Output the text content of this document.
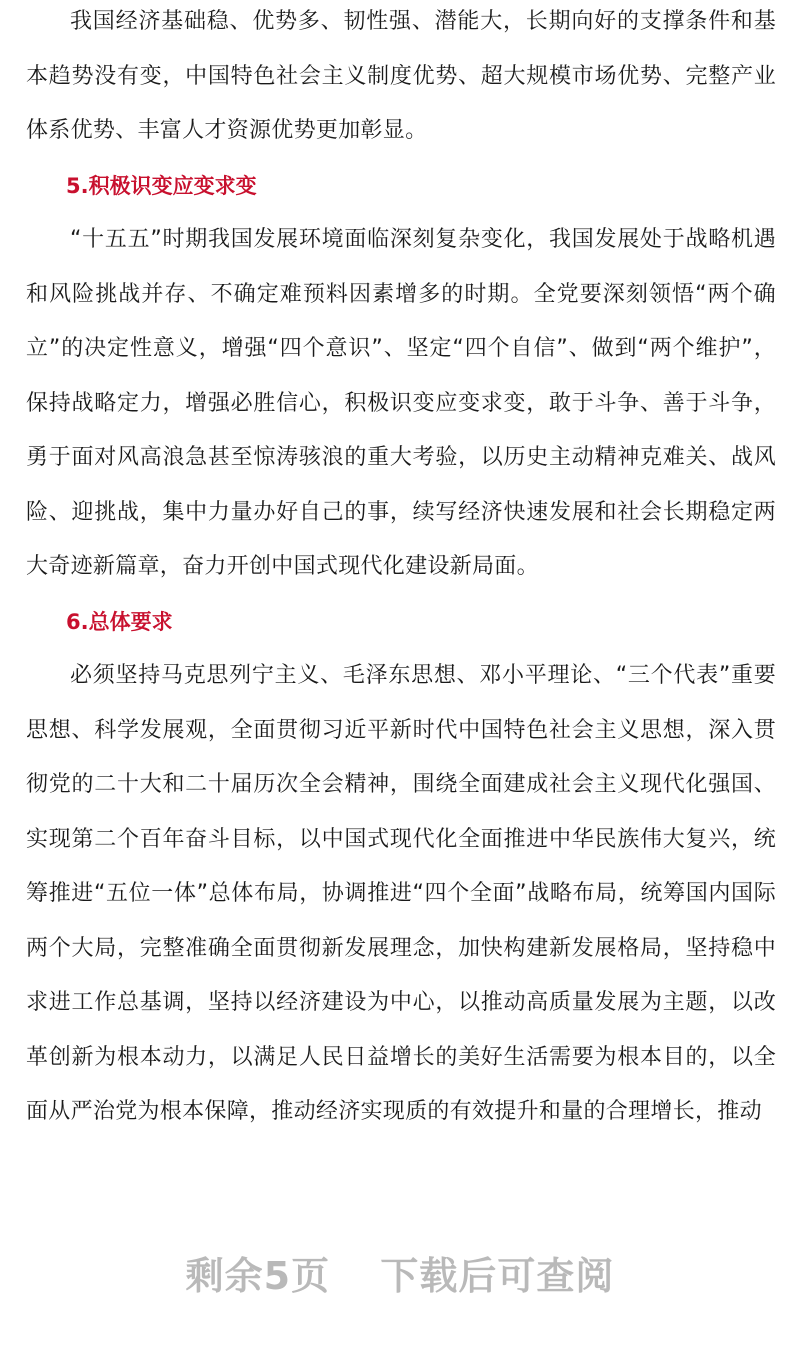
我国经济基础稳、优势多、韧性强、潜能大，长期向好的支撑条件和基本趋势没有变，中国特色社会主义制度优势、超大规模市场优势、完整产业体系优势、丰富人才资源优势更加彰显。

5.积极识变应变求变

“十五五”时期我国发展环境面临深刻复杂变化，我国发展处于战略机遇和风险挑战并存、不确定难预料因素增多的时期。全党要深刻领悟“两个确立”的决定性意义，增强“四个意识”、坚定“四个自信”、做到“两个维护”，保持战略定力，增强必胜信心，积极识变应变求变，敢于斗争、善于斗争，勇于面对风高浪急甚至惊涛骇浪的重大考验，以历史主动精神克难关、战风险、迎挑战，集中力量办好自己的事，续写经济快速发展和社会长期稳定两大奇迹新篇章，奋力开创中国式现代化建设新局面。

6.总体要求

必须坚持马克思列宁主义、毛泽东思想、邓小平理论、“三个代表”重要思想、科学发展观，全面贯彻习近平新时代中国特色社会主义思想，深入贯彻党的二十大和二十届历次全会精神，围绕全面建成社会主义现代化强国、实现第二个百年奋斗目标，以中国式现代化全面推进中华民族伟大复兴，统筹推进“五位一体”总体布局，协调推进“四个全面”战略布局，统筹国内国际两个大局，完整准确全面贯彻新发展理念，加快构建新发展格局，坚持稳中求进工作总基调，坚持以经济建设为中心，以推动高质量发展为主题，以改革创新为根本动力，以满足人民日益增长的美好生活需要为根本目的，以全面从严治党为根本保障，推动经济实现质的有效提升和量的合理增长，推动

剩余5页 下载后可查阅
